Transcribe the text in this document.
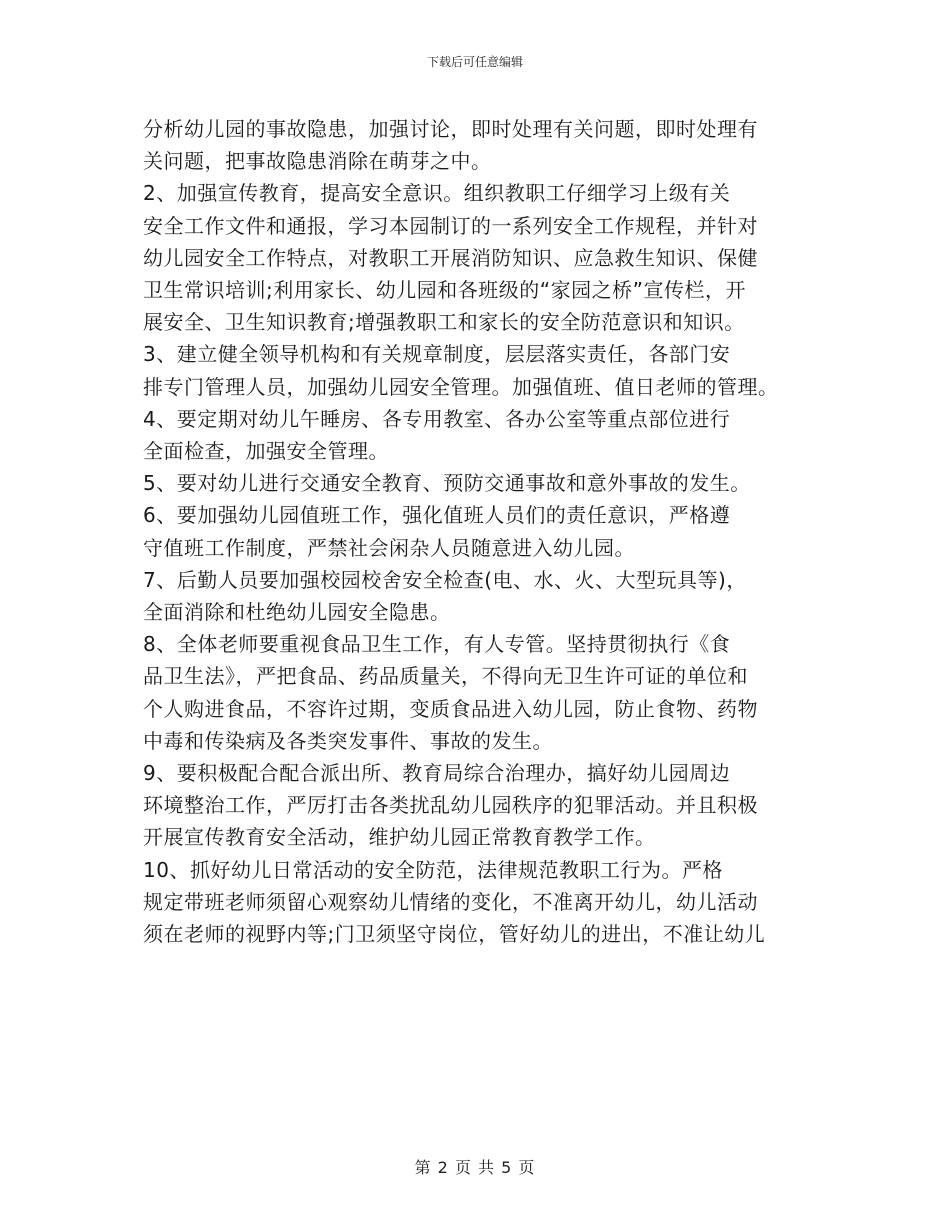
下载后可任意编辑

分析幼儿园的事故隐患，加强讨论，即时处理有关问题，即时处理有
关问题，把事故隐患消除在萌芽之中。

2、加强宣传教育，提高安全意识。组织教职工仔细学习上级有关
安全工作文件和通报，学习本园制订的一系列安全工作规程，并针对
幼儿园安全工作特点，对教职工开展消防知识、应急救生知识、保健
卫生常识培训;利用家长、幼儿园和各班级的“家园之桥”宣传栏，开
展安全、卫生知识教育;增强教职工和家长的安全防范意识和知识。

3、建立健全领导机构和有关规章制度，层层落实责任，各部门安
排专门管理人员，加强幼儿园安全管理。加强值班、值日老师的管理。

4、要定期对幼儿午睡房、各专用教室、各办公室等重点部位进行
全面检查，加强安全管理。

5、要对幼儿进行交通安全教育、预防交通事故和意外事故的发生。

6、要加强幼儿园值班工作，强化值班人员们的责任意识，严格遵
守值班工作制度，严禁社会闲杂人员随意进入幼儿园。

7、后勤人员要加强校园校舍安全检查(电、水、火、大型玩具等)，
全面消除和杜绝幼儿园安全隐患。

8、全体老师要重视食品卫生工作，有人专管。坚持贯彻执行《食
品卫生法》，严把食品、药品质量关，不得向无卫生许可证的单位和
个人购进食品，不容许过期，变质食品进入幼儿园，防止食物、药物
中毒和传染病及各类突发事件、事故的发生。

9、要积极配合配合派出所、教育局综合治理办，搞好幼儿园周边
环境整治工作，严厉打击各类扰乱幼儿园秩序的犯罪活动。并且积极
开展宣传教育安全活动，维护幼儿园正常教育教学工作。

10、抓好幼儿日常活动的安全防范，法律规范教职工行为。严格
规定带班老师须留心观察幼儿情绪的变化，不准离开幼儿，幼儿活动
须在老师的视野内等;门卫须坚守岗位，管好幼儿的进出，不准让幼儿

第 2 页 共 5 页
